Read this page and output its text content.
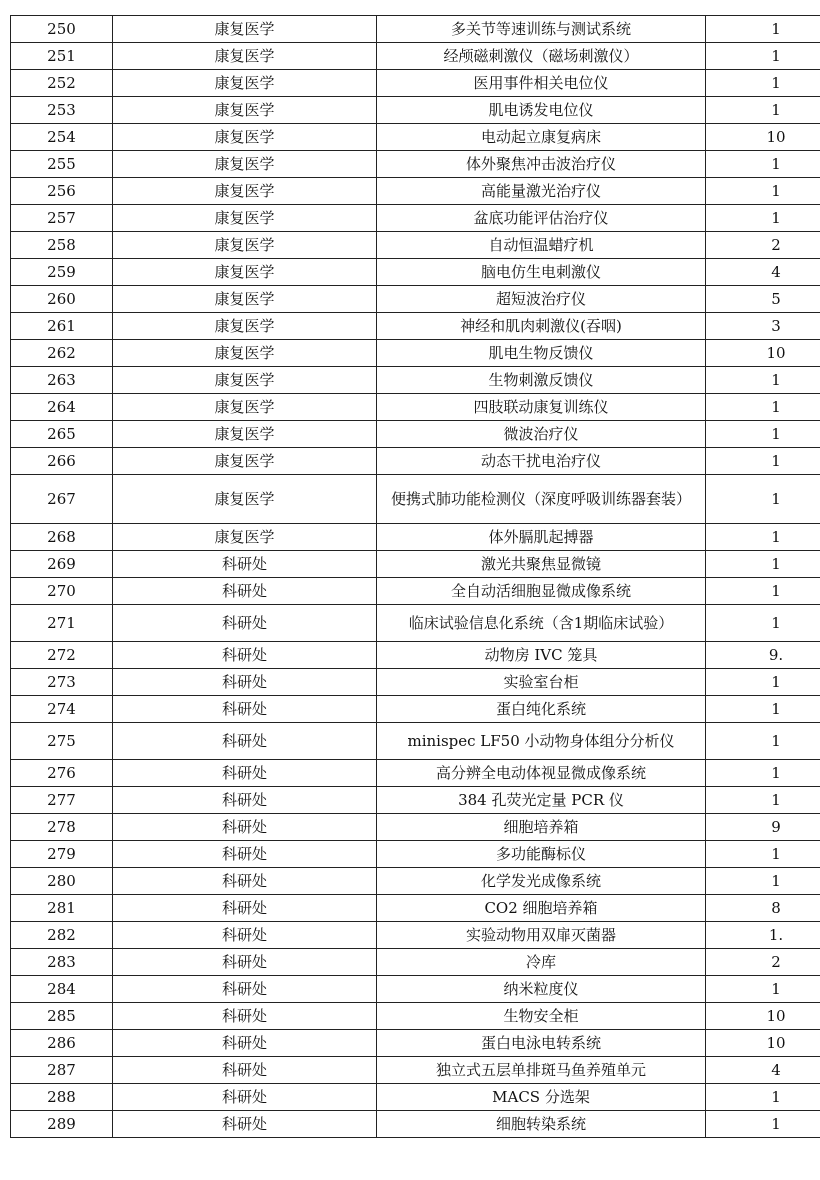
250	康复医学	多关节等速训练与测试系统	1
251	康复医学	经颅磁刺激仪（磁场刺激仪）	1
252	康复医学	医用事件相关电位仪	1
253	康复医学	肌电诱发电位仪	1
254	康复医学	电动起立康复病床	10
255	康复医学	体外聚焦冲击波治疗仪	1
256	康复医学	高能量激光治疗仪	1
257	康复医学	盆底功能评估治疗仪	1
258	康复医学	自动恒温蜡疗机	2
259	康复医学	脑电仿生电刺激仪	4
260	康复医学	超短波治疗仪	5
261	康复医学	神经和肌肉刺激仪(吞咽)	3
262	康复医学	肌电生物反馈仪	10
263	康复医学	生物刺激反馈仪	1
264	康复医学	四肢联动康复训练仪	1
265	康复医学	微波治疗仪	1
266	康复医学	动态干扰电治疗仪	1
267	康复医学	便携式肺功能检测仪（深度呼吸训练器套装）	1
268	康复医学	体外膈肌起搏器	1
269	科研处	激光共聚焦显微镜	1
270	科研处	全自动活细胞显微成像系统	1
271	科研处	临床试验信息化系统（含1期临床试验）	1
272	科研处	动物房 IVC 笼具	9.
273	科研处	实验室台柜	1
274	科研处	蛋白纯化系统	1
275	科研处	minispec LF50 小动物身体组分分析仪	1
276	科研处	高分辨全电动体视显微成像系统	1
277	科研处	384 孔荧光定量 PCR 仪	1
278	科研处	细胞培养箱	9
279	科研处	多功能酶标仪	1
280	科研处	化学发光成像系统	1
281	科研处	CO2 细胞培养箱	8
282	科研处	实验动物用双扉灭菌器	1.
283	科研处	冷库	2
284	科研处	纳米粒度仪	1
285	科研处	生物安全柜	10
286	科研处	蛋白电泳电转系统	10
287	科研处	独立式五层单排斑马鱼养殖单元	4
288	科研处	MACS 分选架	1
289	科研处	细胞转染系统	1
